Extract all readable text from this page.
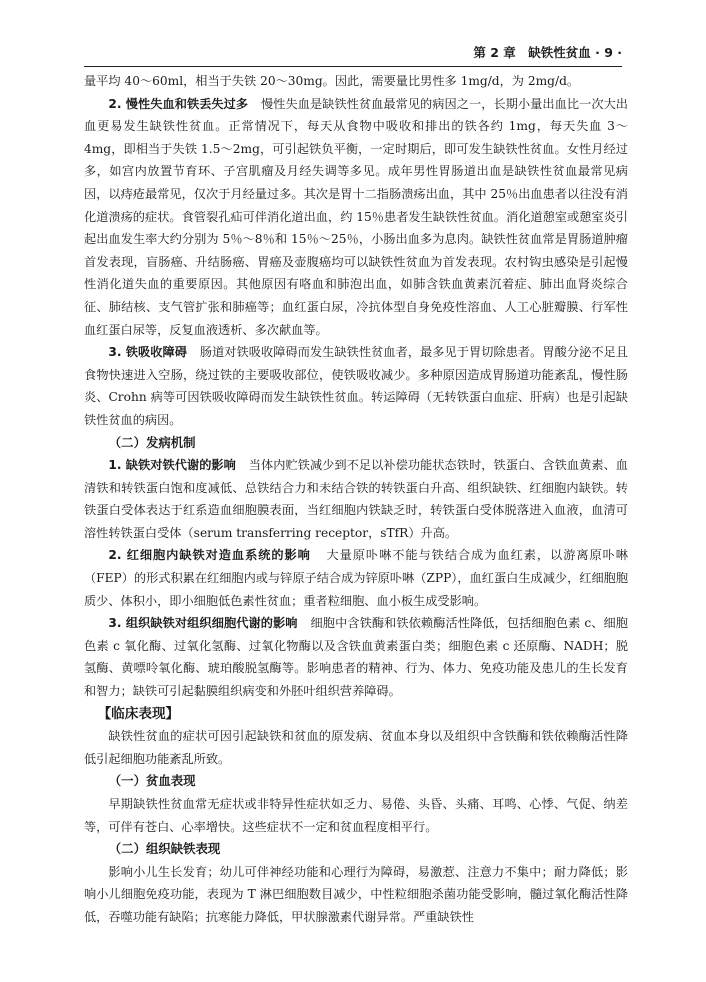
第 2 章　缺铁性贫血 · 9 ·

量平均 40～60ml，相当于失铁 20～30mg。因此，需要量比男性多 1mg/d，为 2mg/d。

2. 慢性失血和铁丢失过多 慢性失血是缺铁性贫血最常见的病因之一，长期小量出血比一次大出血更易发生缺铁性贫血。正常情况下，每天从食物中吸收和排出的铁各约 1mg，每天失血 3～4mg，即相当于失铁 1.5～2mg，可引起铁负平衡，一定时期后，即可发生缺铁性贫血。女性月经过多，如宫内放置节育环、子宫肌瘤及月经失调等多见。成年男性胃肠道出血是缺铁性贫血最常见病因，以痔疮最常见，仅次于月经量过多。其次是胃十二指肠溃疡出血，其中 25％出血患者以往没有消化道溃疡的症状。食管裂孔疝可伴消化道出血，约 15％患者发生缺铁性贫血。消化道憩室或憩室炎引起出血发生率大约分别为 5％～8％和 15％～25％，小肠出血多为息肉。缺铁性贫血常是胃肠道肿瘤首发表现，盲肠癌、升结肠癌、胃癌及壶腹癌均可以缺铁性贫血为首发表现。农村钩虫感染是引起慢性消化道失血的重要原因。其他原因有咯血和肺泡出血，如肺含铁血黄素沉着症、肺出血肾炎综合征、肺结核、支气管扩张和肺癌等；血红蛋白尿，冷抗体型自身免疫性溶血、人工心脏瓣膜、行军性血红蛋白尿等，反复血液透析、多次献血等。

3. 铁吸收障碍 肠道对铁吸收障碍而发生缺铁性贫血者，最多见于胃切除患者。胃酸分泌不足且食物快速进入空肠，绕过铁的主要吸收部位，使铁吸收减少。多种原因造成胃肠道功能紊乱，慢性肠炎、Crohn 病等可因铁吸收障碍而发生缺铁性贫血。转运障碍（无转铁蛋白血症、肝病）也是引起缺铁性贫血的病因。

（二）发病机制

1. 缺铁对铁代谢的影响 当体内贮铁减少到不足以补偿功能状态铁时，铁蛋白、含铁血黄素、血清铁和转铁蛋白饱和度减低、总铁结合力和未结合铁的转铁蛋白升高、组织缺铁、红细胞内缺铁。转铁蛋白受体表达于红系造血细胞膜表面，当红细胞内铁缺乏时，转铁蛋白受体脱落进入血液，血清可溶性转铁蛋白受体（serum transferring receptor，sTfR）升高。

2. 红细胞内缺铁对造血系统的影响 大量原卟啉不能与铁结合成为血红素，以游离原卟啉（FEP）的形式积累在红细胞内或与锌原子结合成为锌原卟啉（ZPP），血红蛋白生成减少，红细胞胞质少、体积小，即小细胞低色素性贫血；重者粒细胞、血小板生成受影响。

3. 组织缺铁对组织细胞代谢的影响 细胞中含铁酶和铁依赖酶活性降低，包括细胞色素 c、细胞色素 c 氧化酶、过氧化氢酶、过氧化物酶以及含铁血黄素蛋白类；细胞色素 c 还原酶、NADH；脱氢酶、黄嘌呤氧化酶、琥珀酸脱氢酶等。影响患者的精神、行为、体力、免疫功能及患儿的生长发育和智力；缺铁可引起黏膜组织病变和外胚叶组织营养障碍。

【临床表现】

缺铁性贫血的症状可因引起缺铁和贫血的原发病、贫血本身以及组织中含铁酶和铁依赖酶活性降低引起细胞功能紊乱所致。

（一）贫血表现

早期缺铁性贫血常无症状或非特异性症状如乏力、易倦、头昏、头痛、耳鸣、心悸、气促、纳差等，可伴有苍白、心率增快。这些症状不一定和贫血程度相平行。

（二）组织缺铁表现

影响小儿生长发育；幼儿可伴神经功能和心理行为障碍，易激惹、注意力不集中；耐力降低；影响小儿细胞免疫功能，表现为 T 淋巴细胞数目减少，中性粒细胞杀菌功能受影响，髓过氧化酶活性降低，吞噬功能有缺陷；抗寒能力降低，甲状腺激素代谢异常。严重缺铁性
